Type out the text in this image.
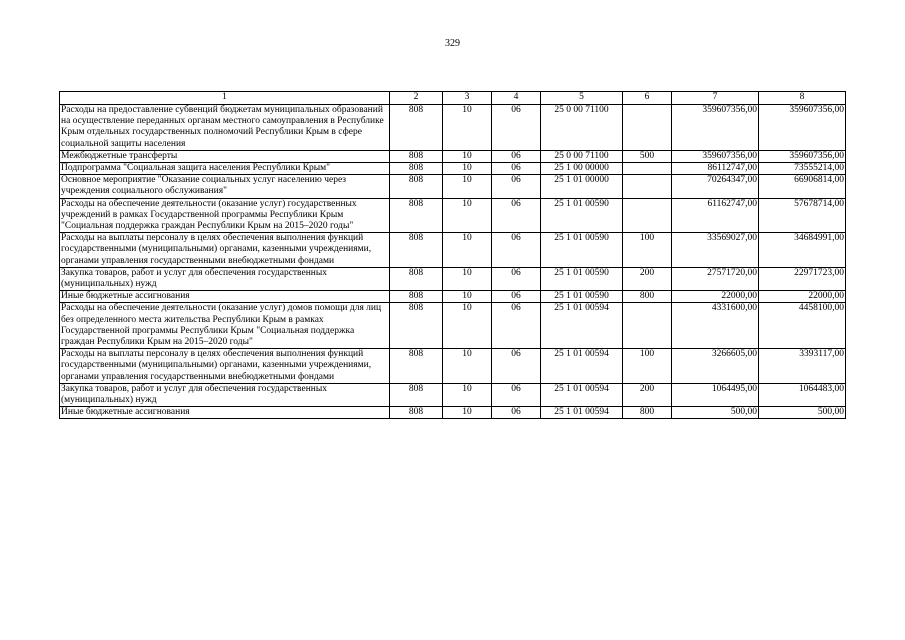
329
1	2	3	4	5	6	7	8
Расходы на предоставление субвенций бюджетам муниципальных образований на осуществление переданных органам местного самоуправления в Республике Крым отдельных государственных полномочий Республики Крым в сфере социальной защиты населения	808	10	06	25 0 00 71100		359607356,00	359607356,00
Межбюджетные трансферты	808	10	06	25 0 00 71100	500	359607356,00	359607356,00
Подпрограмма "Социальная защита населения Республики Крым"	808	10	06	25 1 00 00000		86112747,00	73555214,00
Основное мероприятие "Оказание социальных услуг населению через учреждения социального обслуживания"	808	10	06	25 1 01 00000		70264347,00	66906814,00
Расходы на обеспечение деятельности (оказание услуг) государственных учреждений в рамках Государственной программы Республики Крым "Социальная поддержка граждан Республики Крым на 2015–2020 годы"	808	10	06	25 1 01 00590		61162747,00	57678714,00
Расходы на выплаты персоналу в целях обеспечения выполнения функций государственными (муниципальными) органами, казенными учреждениями, органами управления государственными внебюджетными фондами	808	10	06	25 1 01 00590	100	33569027,00	34684991,00
Закупка товаров, работ и услуг для обеспечения государственных (муниципальных) нужд	808	10	06	25 1 01 00590	200	27571720,00	22971723,00
Иные бюджетные ассигнования	808	10	06	25 1 01 00590	800	22000,00	22000,00
Расходы на обеспечение деятельности (оказание услуг) домов помощи для лиц без определенного места жительства Республики Крым в рамках Государственной программы Республики Крым "Социальная поддержка граждан Республики Крым на 2015–2020 годы"	808	10	06	25 1 01 00594		4331600,00	4458100,00
Расходы на выплаты персоналу в целях обеспечения выполнения функций государственными (муниципальными) органами, казенными учреждениями, органами управления государственными внебюджетными фондами	808	10	06	25 1 01 00594	100	3266605,00	3393117,00
Закупка товаров, работ и услуг для обеспечения государственных (муниципальных) нужд	808	10	06	25 1 01 00594	200	1064495,00	1064483,00
Иные бюджетные ассигнования	808	10	06	25 1 01 00594	800	500,00	500,00
